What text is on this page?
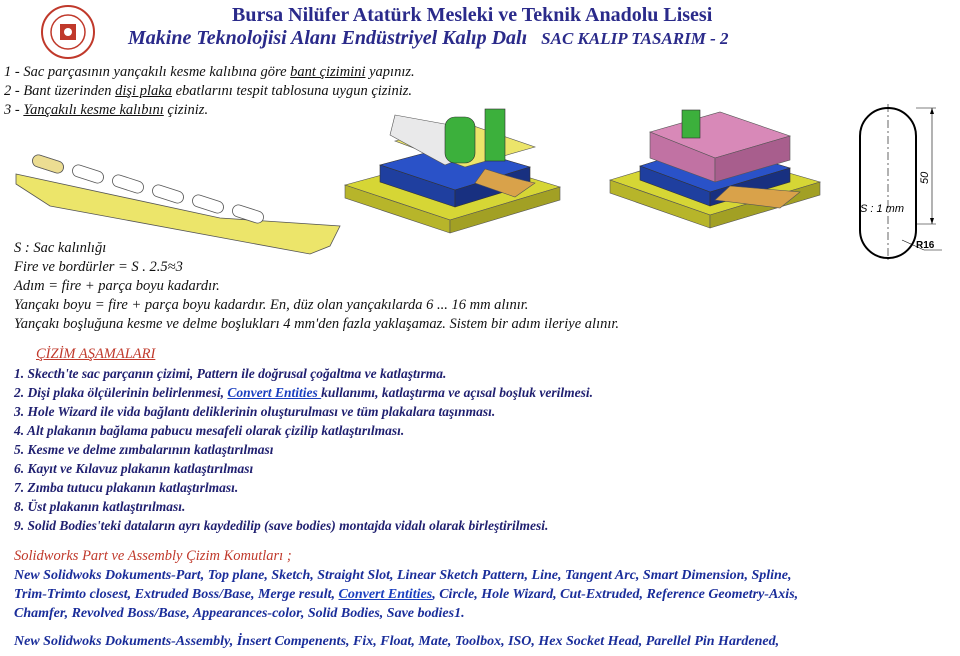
Bursa Nilüfer Atatürk Mesleki ve Teknik Anadolu Lisesi
Makine Teknolojisi Alanı Endüstriyel Kalıp Dalı SAC KALIP TASARIM - 2
1 - Sac parçasının yançakılı kesme kalıbına göre bant çizimini yapınız.
2 - Bant üzerinden dişi plaka ebatlarını tespit tablosuna uygun çiziniz.
3 - Yançakılı kesme kalıbını çiziniz.
50
S : 1 mm
R16
S : Sac kalınlığı
Fire ve bordürler = S . 2.5≈3
Adım = fire + parça boyu kadardır.
Yançakı boyu = fire + parça boyu kadardır. En, düz olan yançakılarda 6 ... 16 mm alınır.
Yançakı boşluğuna kesme ve delme boşlukları 4 mm'den fazla yaklaşamaz. Sistem bir adım ileriye alınır.
ÇİZİM AŞAMALARI
1. Skecth'te sac parçanın çizimi, Pattern ile doğrusal çoğaltma ve katlaştırma.
2. Dişi plaka ölçülerinin belirlenmesi, Convert Entities kullanımı, katlaştırma ve açısal boşluk verilmesi.
3. Hole Wizard ile vida bağlantı deliklerinin oluşturulması ve tüm plakalara taşınması.
4. Alt plakanın bağlama pabucu mesafeli olarak çizilip katlaştırılması.
5. Kesme ve delme zımbalarının katlaştırılması
6. Kayıt ve Kılavuz plakanın katlaştırılması
7. Zımba tutucu plakanın katlaştırlması.
8. Üst plakanın katlaştırılması.
9. Solid Bodies'teki dataların ayrı kaydedilip (save bodies) montajda vidalı olarak birleştirilmesi.
Solidworks Part ve Assembly Çizim Komutları ;
New Solidwoks Dokuments-Part, Top plane, Sketch, Straight Slot, Linear Sketch Pattern, Line, Tangent Arc, Smart Dimension, Spline,
Trim-Trimto closest, Extruded Boss/Base, Merge result, Convert Entities, Circle, Hole Wizard, Cut-Extruded, Reference Geometry-Axis,
Chamfer, Revolved Boss/Base, Appearances-color, Solid Bodies, Save bodies1.
New Solidwoks Dokuments-Assembly, İnsert Compenents, Fix, Float, Mate, Toolbox, ISO, Hex Socket Head, Parellel Pin Hardened,
